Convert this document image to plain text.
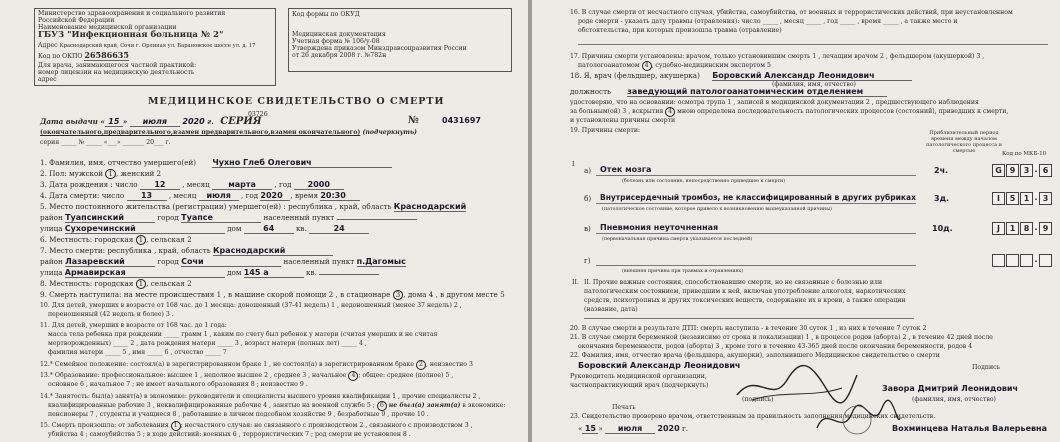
Министерство здравоохранения и социального развития
Российской Федерации
Наименование медицинской организации
ГБУЗ "Инфекционная больница № 2"
Адрес Краснодарский край, Сочи г. Орлиная ул. Барановское шоссе ул. д. 17
Код по ОКПО 26586635
Для врача, занимающегося частной практикой:
номер лицензии на медицинскую деятельность
адрес
Код формы по ОКУД
Медицинская документация
Учетная форма № 106/у-08
Утверждена приказом Минздравсоцразвития России
от 26 декабря 2008 г. №782н
МЕДИЦИНСКОЕ СВИДЕТЕЛЬСТВО О СМЕРТИ
03726
Дата выдачи « 15 » июля 2020 г. СЕРИЯ	№	0431697
(окончательного,предварительного,взамен предварительного,взамен окончательного) (подчеркнуть)
серия _____ № _____ «___» _______ 20___ г.
1. Фамилия, имя, отчество умершего(ей) Чухно Глеб Олегович
2. Пол: мужской 1 , женский 2
3. Дата рождения : число 12 , месяц марта , год 2000
4. Дата смерти: число 13 , месяц июля , год 2020 , время 20:30
5. Место постоянного жительства (регистрации) умершего(ей) : республика , край, область Краснодарский
район Туапсинский	город Туапсе	населенный пункт
улица Сухоречинский	дом	64	кв.	24
6. Местность: городская 1 , сельская 2
7. Место смерти: республика , край, область Краснодарский
район Лазаревский	город Сочи	населенный пункт п.Дагомыс
улица Армавирская	дом 145 а	кв.
8. Местность: городская 1 , сельская 2
9. Смерть наступила: на месте происшествия 1 , в машине скорой помощи 2 , в стационаре 3 , дома 4 , в другом месте 5
10. Для детей, умерших в возрасте от 168 час. до 1 месяца: доношенный (37-41 недель) 1 , недоношенный (менее 37 недель) 2 ,
переношенный (42 недель и более) 3 .
11. Для детей, умерших в возрасте от 168 час. до 1 года:
масса тела ребенка при рождении _____ грамм 1 , каким по счету был ребенок у матери (считая умерших и не считая
мертворожденных) _____ 2 , дата рождения матери _____ 3 , возраст матери (полных лет) _____ 4 ,
фамилия матери _____ 5 , имя _____ 6 , отчество _____ 7
12.* Семейное положение: состоял(а) в зарегистрированном браке 1 , не состоял(а) в зарегистрированном браке 2 , неизвестно 3
13.* Образование: профессиональное: высшее 1 , неполное высшее 2 , среднее 3 , начальное 4 ; общее: среднее (полное) 5 ,
основное 6 , начальное 7 ; не имеет начального образования 8 ; неизвестно 9 .
14.* Занятость: был(а) занят(а) в экономике: руководители и специалисты высшего уровня квалификации 1 , прочие специалисты 2 ,
квалифицированные рабочие 3 , неквалифицированные рабочие 4 , занятые на военной службе 5 ; 6 не был(а) занят(а) в экономике:
пенсионеры 7 , студенты и учащиеся 8 , работавшие в личном подсобном хозяйстве 9 , безработные 9 , прочие 10 .
15. Смерть произошла: от заболевания 1 ; несчастного случая: не связанного с производством 2 , связанного с производством 3 ,
убийства 4 ; самоубийства 5 ; в ходе действий: военных 6 , террористических 7 ; род смерти не установлен 8 .
16. В случае смерти от несчастного случая, убийства, самоубийства, от военных и террористических действий, при неустановленном
роде смерти - указать дату травмы (отравления): число _____ , месяц _____ , год _____ , время _____ , а также место и
обстоятельства, при которых произошла травма (отравление)
17. Причины смерти установлены: врачом, только установившим смерть 1 , лечащим врачом 2 , фельдшером (акушеркой) 3 ,
патологоанатомом 4 , судебно-медицинским экспертом 5
18. Я, врач (фельдшер, акушерка) Боровский Александр Леонидович
(фамилия, имя, отчество)
должность заведующий патологоанатомическим отделением
удостоверяю, что на основании: осмотра трупа 1 , записей в медицинской документации 2 , предшествующего наблюдения
за больным(ой) 3 , вскрытия 4 мною определена последовательность патологических процессов (состояний), приведших к смерти,
и установлены причины смерти
19. Причины смерти:	Приблизительный период времени между началом патологического процесса и смертью	Код по МКБ-10
I
а) Отек мозга
(болезнь или состояние, непосредственно приведшее к смерти)
2ч.	G 9	3 . 6
б) Внутрисердечный тромбоз, не классифицированный в других рубриках
(патологическое состояние, которое привело к возникновению вышеуказанной причины)
3д.	I	5	1 . 3
в) Пневмония неуточненная
(первоначальная причина смерти указывается последней)
10д.	J	1	8 . 9
г)
(внешняя причина при травмах и отравлениях)
.
II. II. Прочие важные состояния, способствовавшие смерти, но не связанные с болезнью или
патологическим состоянием, приведшим к ней, включая употребление алкоголя, наркотических
средств, психотропных и других токсических веществ, содержание их в крови, а также операции
(название, дата)
20. В случае смерти в результате ДТП: смерть наступила - в течение 30 суток 1 , из них в течение 7 суток 2
21. В случае смерти беременной (независимо от срока и локализации) 1 , в процессе родов (аборта) 2 , в течение 42 дней после
окончания беременности, родов (аборта) 3 , кроме того в течение 43-365 дней после окончания беременности, родов 4
22. Фамилия, имя, отчество врача (фельдшера, акушерки), заполнившего Медицинское свидетельство о смерти
Боровский Александр Леонидович	Подпись
Руководитель медицинской организации,
частнопрактикующий врач (подчеркнуть)	Завора Дмитрий Леонидович
(подпись)	(фамилия, имя, отчество)
Печать
23. Свидетельство проверено врачом, ответственным за правильность заполнения медицинских свидетельств.
« 15 » июля 2020 г.	Вохминцева Наталья Валерьевна
